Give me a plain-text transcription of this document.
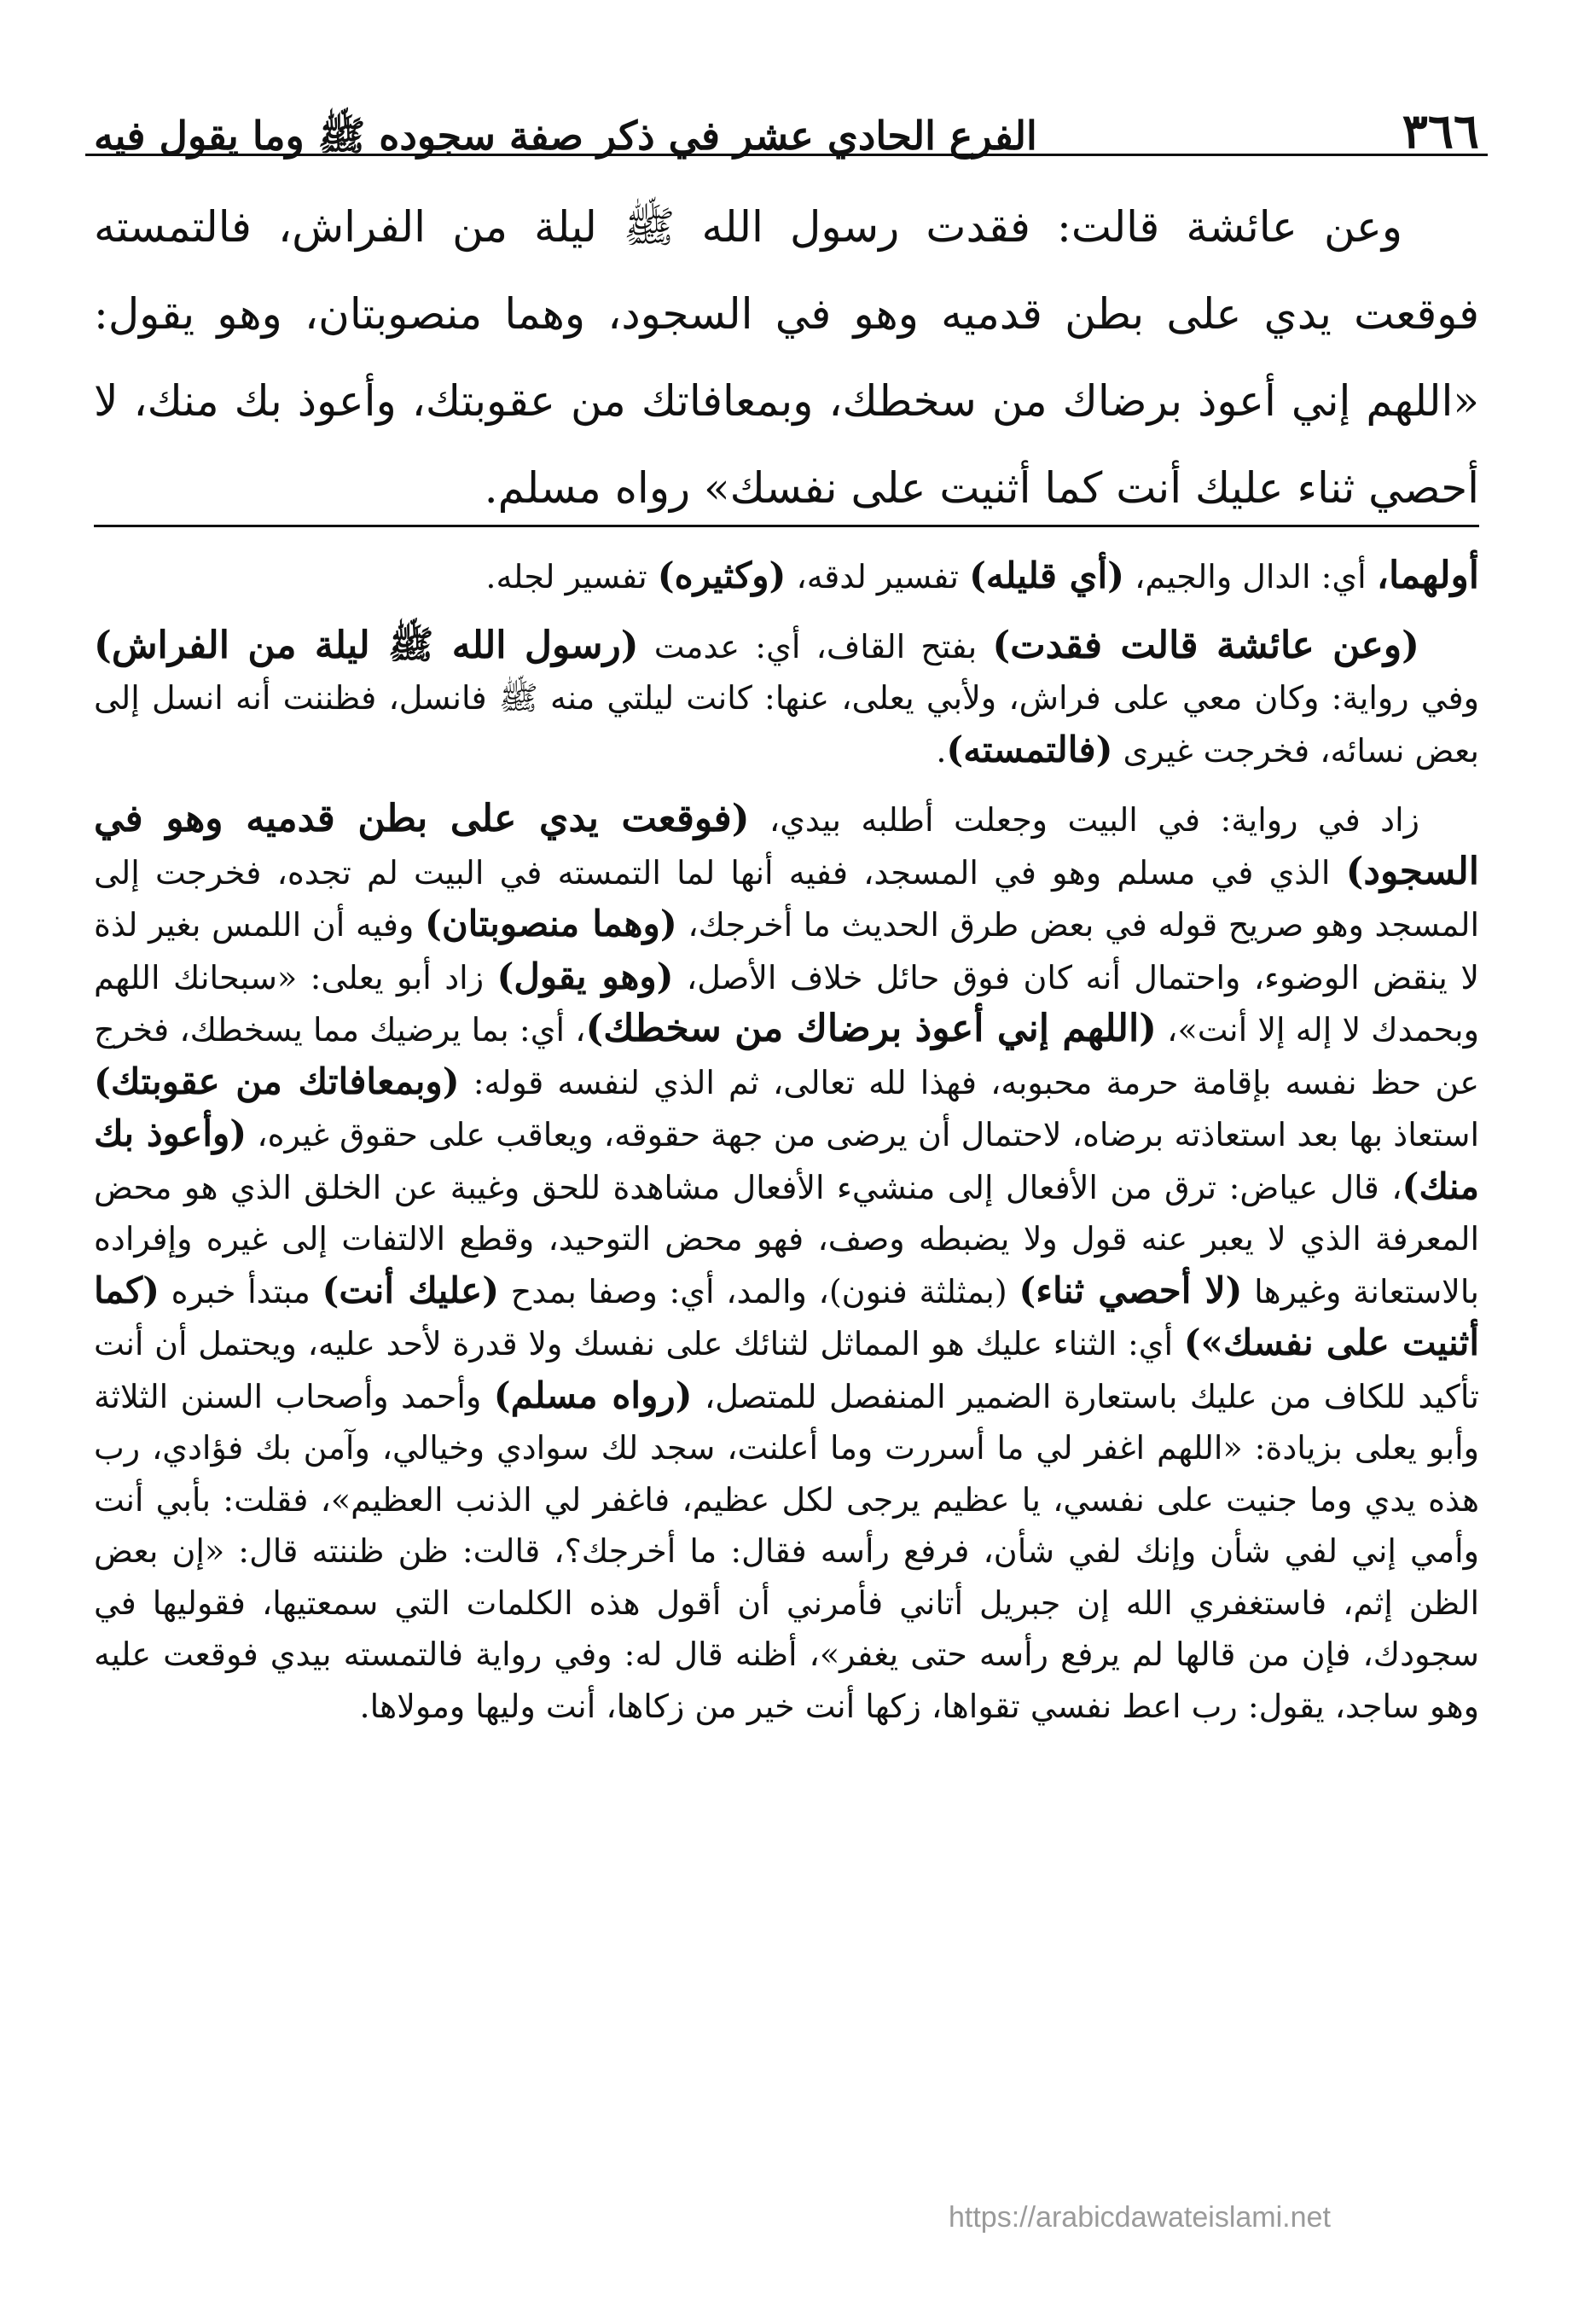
٣٦٦
الفرع الحادي عشر في ذكر صفة سجوده ﷺ وما يقول فيه
وعن عائشة قالت: فقدت رسول الله ﷺ ليلة من الفراش، فالتمسته فوقعت يدي على بطن قدميه وهو في السجود، وهما منصوبتان، وهو يقول: «اللهم إني أعوذ برضاك من سخطك، وبمعافاتك من عقوبتك، وأعوذ بك منك، لا أحصي ثناء عليك أنت كما أثنيت على نفسك» رواه مسلم.

أولهما، أي: الدال والجيم، (أي قليله) تفسير لدقه، (وكثيره) تفسير لجله.

(وعن عائشة قالت فقدت) بفتح القاف، أي: عدمت (رسول الله ﷺ ليلة من الفراش) وفي رواية: وكان معي على فراش، ولأبي يعلى، عنها: كانت ليلتي منه ﷺ فانسل، فظننت أنه انسل إلى بعض نسائه، فخرجت غيرى (فالتمسته).

زاد في رواية: في البيت وجعلت أطلبه بيدي، (فوقعت يدي على بطن قدميه وهو في السجود) الذي في مسلم وهو في المسجد، ففيه أنها لما التمسته في البيت لم تجده، فخرجت إلى المسجد وهو صريح قوله في بعض طرق الحديث ما أخرجك، (وهما منصوبتان) وفيه أن اللمس بغير لذة لا ينقض الوضوء، واحتمال أنه كان فوق حائل خلاف الأصل، (وهو يقول) زاد أبو يعلى: «سبحانك اللهم وبحمدك لا إله إلا أنت»، (اللهم إني أعوذ برضاك من سخطك)، أي: بما يرضيك مما يسخطك، فخرج عن حظ نفسه بإقامة حرمة محبوبه، فهذا لله تعالى، ثم الذي لنفسه قوله: (وبمعافاتك من عقوبتك) استعاذ بها بعد استعاذته برضاه، لاحتمال أن يرضى من جهة حقوقه، ويعاقب على حقوق غيره، (وأعوذ بك منك)، قال عياض: ترق من الأفعال إلى منشيء الأفعال مشاهدة للحق وغيبة عن الخلق الذي هو محض المعرفة الذي لا يعبر عنه قول ولا يضبطه وصف، فهو محض التوحيد، وقطع الالتفات إلى غيره وإفراده بالاستعانة وغيرها (لا أحصي ثناء) (بمثلثة فنون)، والمد، أي: وصفا بمدح (عليك أنت) مبتدأ خبره (كما أثنيت على نفسك») أي: الثناء عليك هو المماثل لثنائك على نفسك ولا قدرة لأحد عليه، ويحتمل أن أنت تأكيد للكاف من عليك باستعارة الضمير المنفصل للمتصل، (رواه مسلم) وأحمد وأصحاب السنن الثلاثة وأبو يعلى بزيادة: «اللهم اغفر لي ما أسررت وما أعلنت، سجد لك سوادي وخيالي، وآمن بك فؤادي، رب هذه يدي وما جنيت على نفسي، يا عظيم يرجى لكل عظيم، فاغفر لي الذنب العظيم»، فقلت: بأبي أنت وأمي إني لفي شأن وإنك لفي شأن، فرفع رأسه فقال: ما أخرجك؟، قالت: ظن ظننته قال: «إن بعض الظن إثم، فاستغفري الله إن جبريل أتاني فأمرني أن أقول هذه الكلمات التي سمعتيها، فقوليها في سجودك، فإن من قالها لم يرفع رأسه حتى يغفر»، أظنه قال له: وفي رواية فالتمسته بيدي فوقعت عليه وهو ساجد، يقول: رب اعط نفسي تقواها، زكها أنت خير من زكاها، أنت وليها ومولاها.

https://arabicdawateislami.net
